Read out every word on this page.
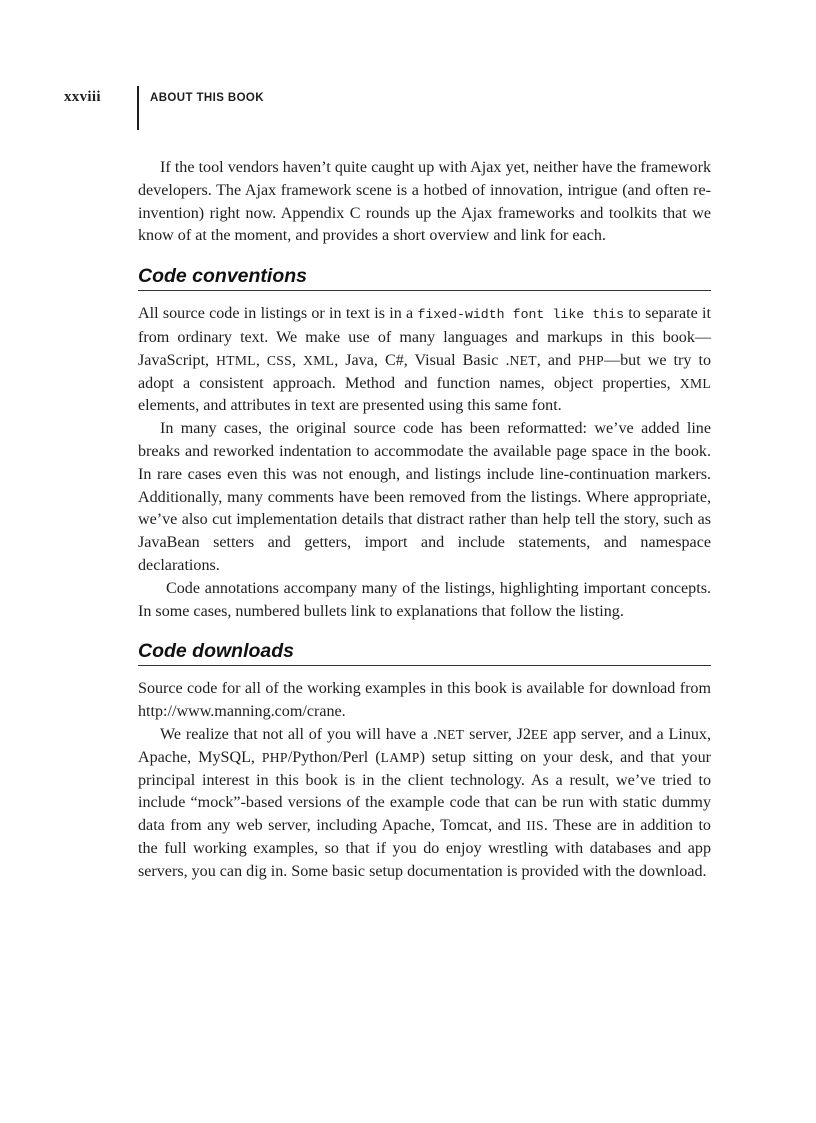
xxviii	ABOUT THIS BOOK

If the tool vendors haven’t quite caught up with Ajax yet, neither have the framework developers. The Ajax framework scene is a hotbed of innovation, intrigue (and often re-invention) right now. Appendix C rounds up the Ajax frameworks and toolkits that we know of at the moment, and provides a short overview and link for each.

Code conventions

All source code in listings or in text is in a fixed-width font like this to separate it from ordinary text. We make use of many languages and markups in this book—JavaScript, HTML, CSS, XML, Java, C#, Visual Basic .NET, and PHP—but we try to adopt a consistent approach. Method and function names, object properties, XML elements, and attributes in text are presented using this same font.

In many cases, the original source code has been reformatted: we’ve added line breaks and reworked indentation to accommodate the available page space in the book. In rare cases even this was not enough, and listings include line-continuation markers. Additionally, many comments have been removed from the listings. Where appropriate, we’ve also cut implementation details that distract rather than help tell the story, such as JavaBean setters and getters, import and include statements, and namespace declarations.

Code annotations accompany many of the listings, highlighting important concepts. In some cases, numbered bullets link to explanations that follow the listing.

Code downloads

Source code for all of the working examples in this book is available for download from http://www.manning.com/crane.

We realize that not all of you will have a .NET server, J2EE app server, and a Linux, Apache, MySQL, PHP/Python/Perl (LAMP) setup sitting on your desk, and that your principal interest in this book is in the client technology. As a result, we’ve tried to include “mock”-based versions of the example code that can be run with static dummy data from any web server, including Apache, Tomcat, and IIS. These are in addition to the full working examples, so that if you do enjoy wrestling with databases and app servers, you can dig in. Some basic setup documentation is provided with the download.
